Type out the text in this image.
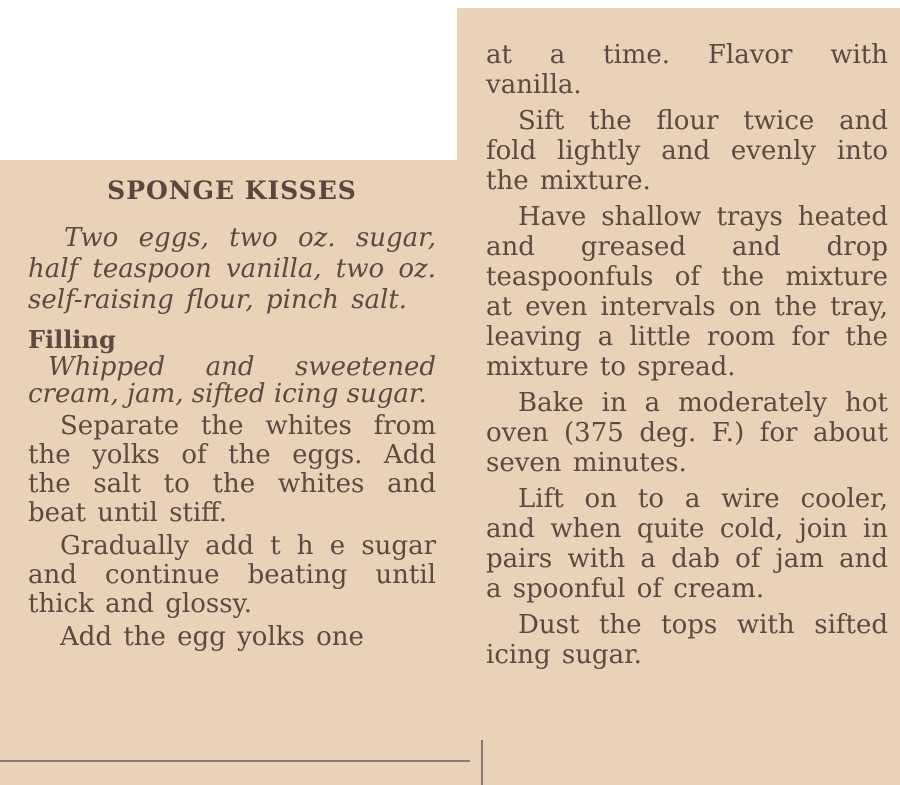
SPONGE KISSES

Two eggs, two oz. sugar, half teaspoon vanilla, two oz. self-raising flour, pinch salt.

Filling

Whipped and sweetened cream, jam, sifted icing sugar.

Separate the whites from the yolks of the eggs. Add the salt to the whites and beat until stiff.

Gradually add t h e sugar and continue beating until thick and glossy.

Add the egg yolks one

at a time. Flavor with vanilla.

Sift the flour twice and fold lightly and evenly into the mixture.

Have shallow trays heated and greased and drop teaspoonfuls of the mixture at even intervals on the tray, leaving a little room for the mixture to spread.

Bake in a moderately hot oven (375 deg. F.) for about seven minutes.

Lift on to a wire cooler, and when quite cold, join in pairs with a dab of jam and a spoonful of cream.

Dust the tops with sifted icing sugar.
